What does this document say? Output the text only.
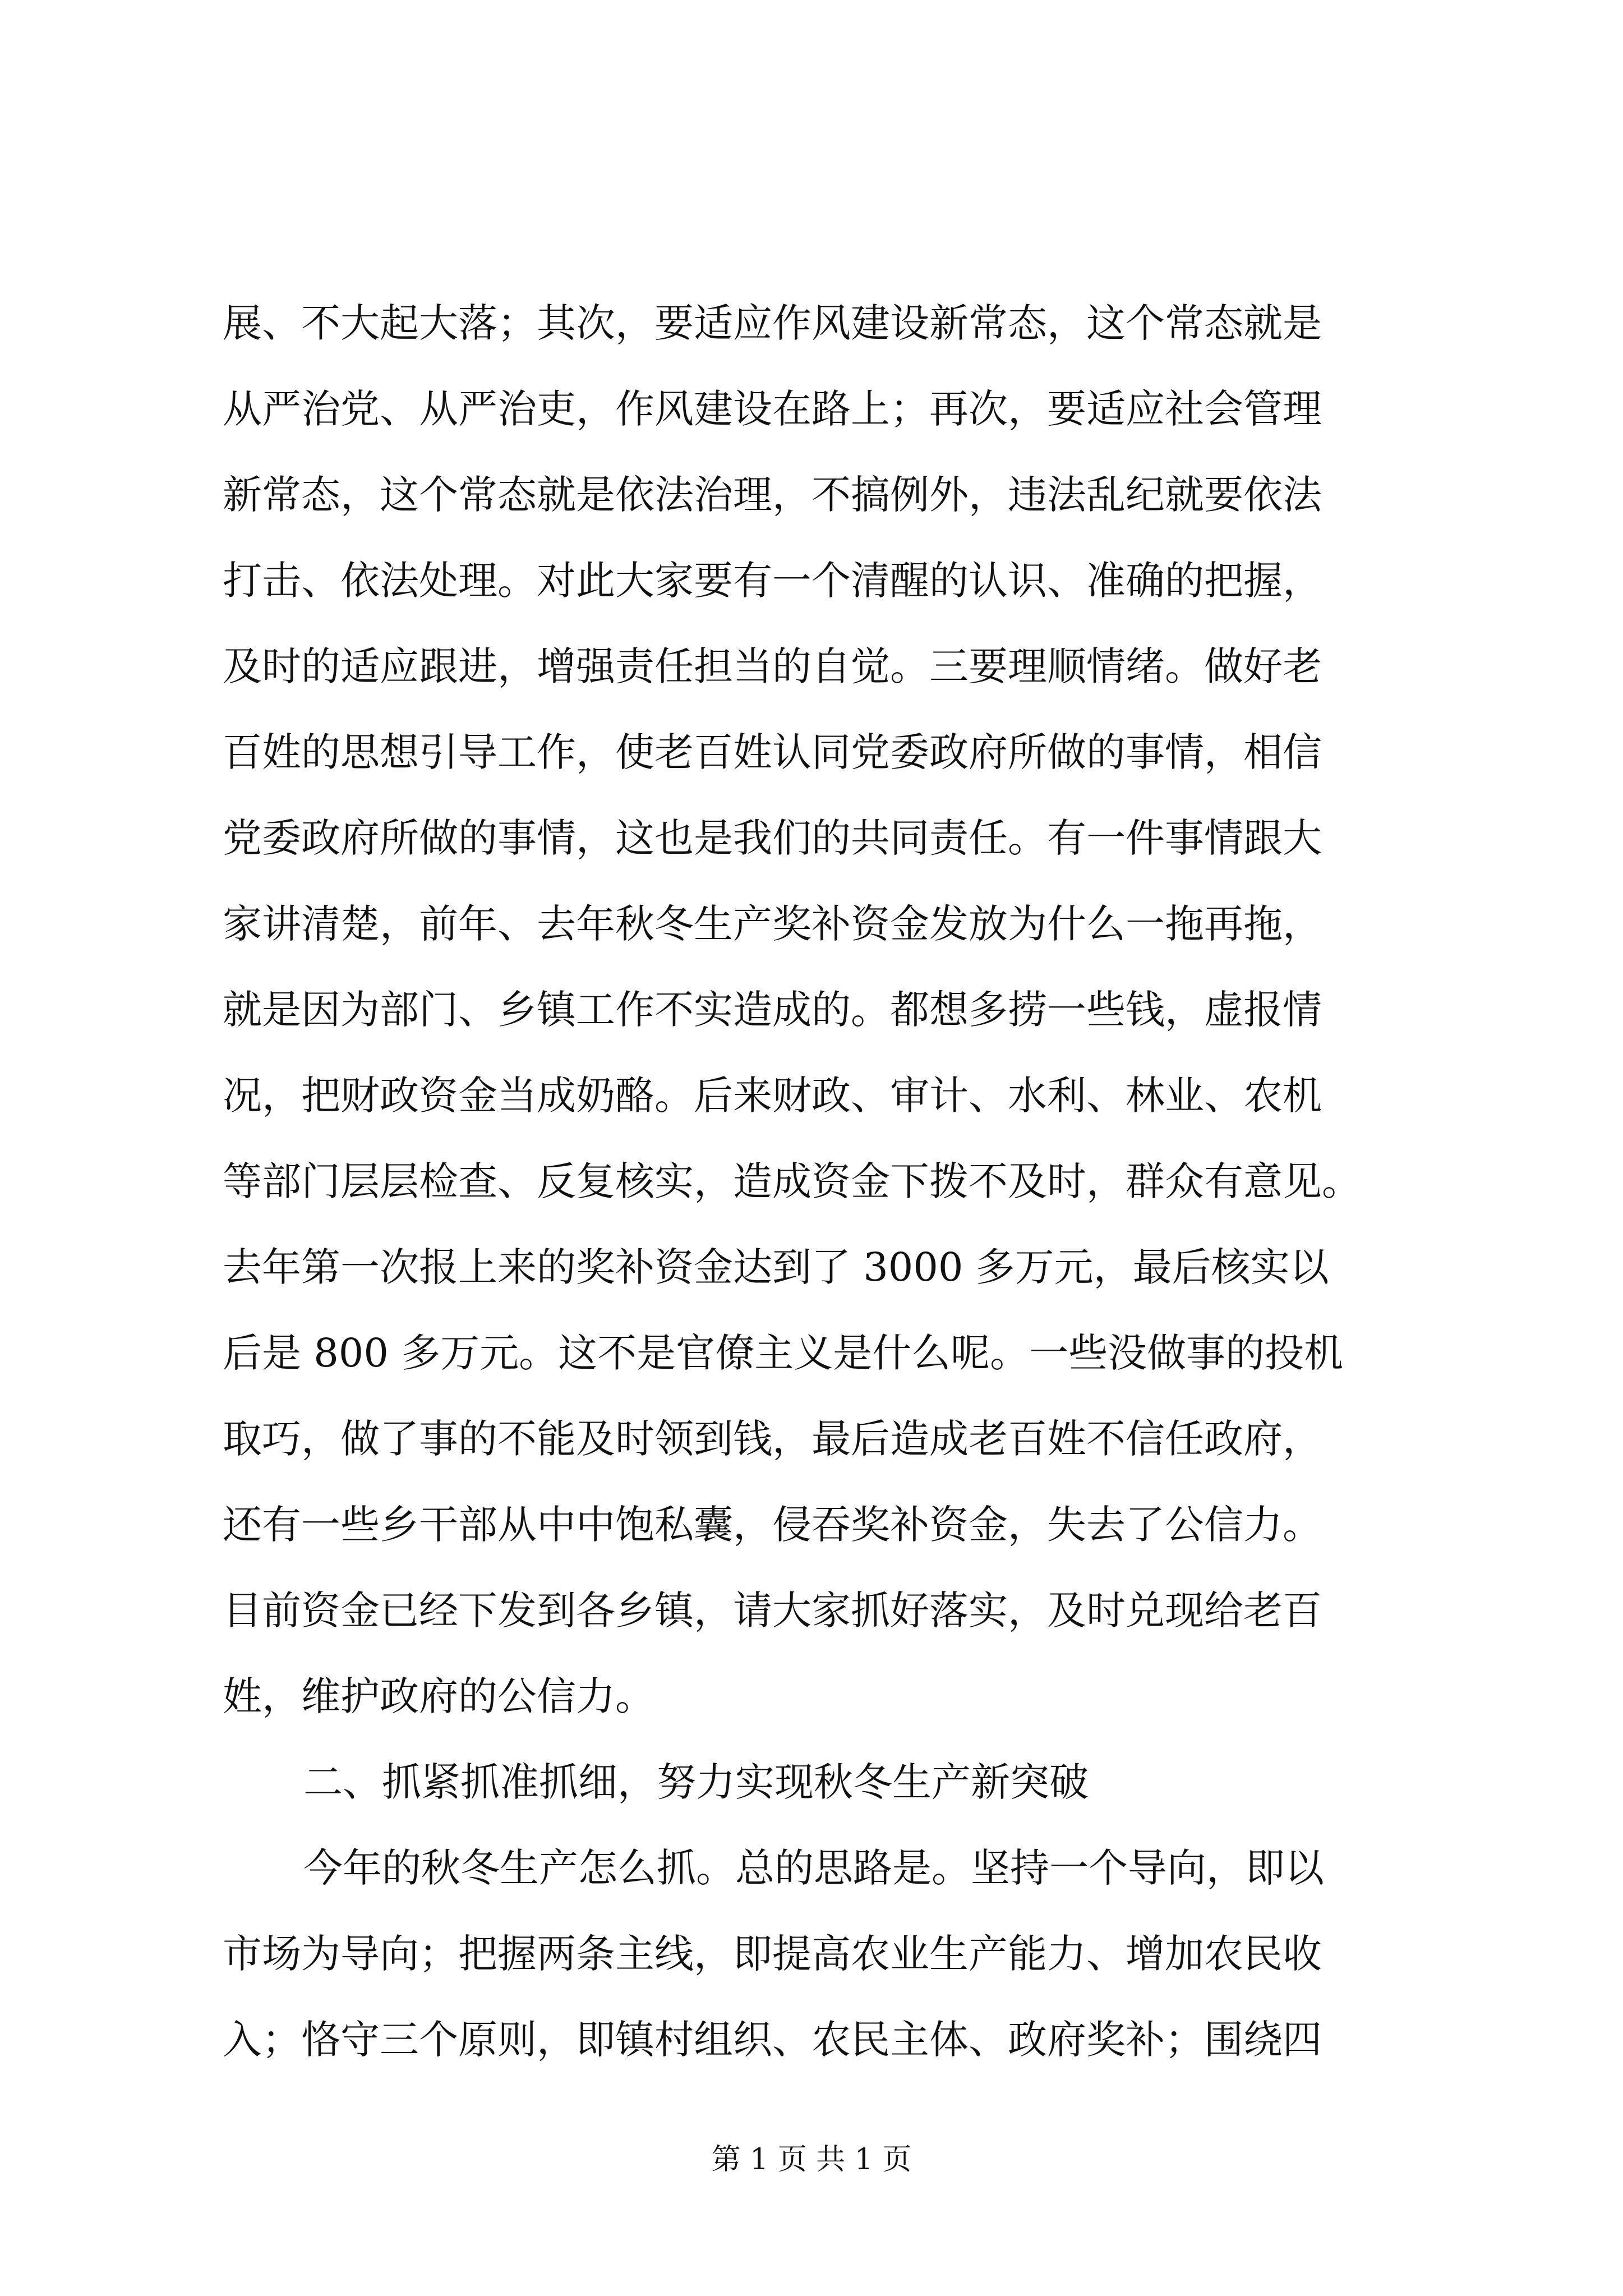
展、不大起大落；其次，要适应作风建设新常态，这个常态就是
从严治党、从严治吏，作风建设在路上；再次，要适应社会管理
新常态，这个常态就是依法治理，不搞例外，违法乱纪就要依法
打击、依法处理。对此大家要有一个清醒的认识、准确的把握，
及时的适应跟进，增强责任担当的自觉。三要理顺情绪。做好老
百姓的思想引导工作，使老百姓认同党委政府所做的事情，相信
党委政府所做的事情，这也是我们的共同责任。有一件事情跟大
家讲清楚，前年、去年秋冬生产奖补资金发放为什么一拖再拖，
就是因为部门、乡镇工作不实造成的。都想多捞一些钱，虚报情
况，把财政资金当成奶酪。后来财政、审计、水利、林业、农机
等部门层层检查、反复核实，造成资金下拨不及时，群众有意见。
去年第一次报上来的奖补资金达到了 3000 多万元，最后核实以
后是 800 多万元。这不是官僚主义是什么呢。一些没做事的投机
取巧，做了事的不能及时领到钱，最后造成老百姓不信任政府，
还有一些乡干部从中中饱私囊，侵吞奖补资金，失去了公信力。
目前资金已经下发到各乡镇，请大家抓好落实，及时兑现给老百
姓，维护政府的公信力。
二、抓紧抓准抓细，努力实现秋冬生产新突破
今年的秋冬生产怎么抓。总的思路是。坚持一个导向，即以
市场为导向；把握两条主线，即提高农业生产能力、增加农民收
入；恪守三个原则，即镇村组织、农民主体、政府奖补；围绕四
第 1 页 共 1 页
